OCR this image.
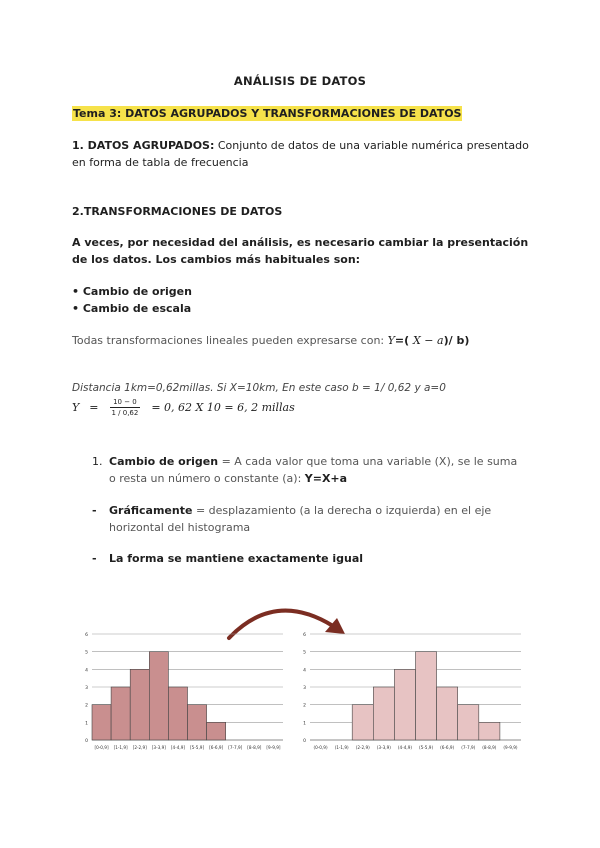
ANÁLISIS DE DATOS
Tema 3: DATOS AGRUPADOS Y TRANSFORMACIONES DE DATOS
1. DATOS AGRUPADOS: Conjunto de datos de una variable numérica presentado en forma de tabla de frecuencia
2.TRANSFORMACIONES DE DATOS
A veces, por necesidad del análisis, es necesario cambiar la presentación de los datos. Los cambios más habituales son:
• Cambio de origen
• Cambio de escala
Todas transformaciones lineales pueden expresarse con: Y=( X − a)/ b)
Distancia 1km=0,62millas. Si X=10km, En este caso b = 1/ 0,62 y a=0
$Y = \frac{10 - 0}{1 / 0,62} = 0$, 62 X 10 = 6, 2 millas
1. Cambio de origen = A cada valor que toma una variable (X), se le suma o resta un número o constante (a): Y=X+a
-	Gráficamente = desplazamiento (a la derecha o izquierda) en el eje horizontal del histograma
-	La forma se mantiene exactamente igual
0
1
2
3
4
5
6
[0-0,9] [1-1,9] [2-2,9] [3-3,9] [4-4,9] [5-5,9] [6-6,9] [7-7,9] [8-8,9] [9-9,9]
0
1
2
3
4
5
6
(0-0,9) (1-1,9) (2-2,9) (3-3,9) (4-4,9) (5-5,9) (6-6,9) (7-7,9) (8-8,9) (9-9,9)
